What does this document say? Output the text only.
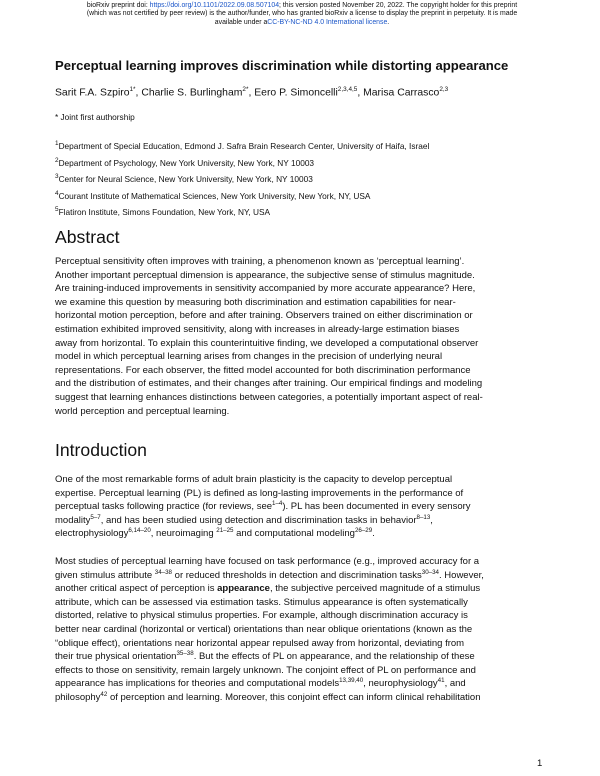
bioRxiv preprint doi: https://doi.org/10.1101/2022.09.08.507104; this version posted November 20, 2022. The copyright holder for this preprint
(which was not certified by peer review) is the author/funder, who has granted bioRxiv a license to display the preprint in perpetuity. It is made
available under aCC-BY-NC-ND 4.0 International license.
Perceptual learning improves discrimination while distorting appearance
Sarit F.A. Szpiro$^{1*}$, Charlie S. Burlingham$^{2*}$, Eero P. Simoncelli$^{2,3,4,5}$, Marisa Carrasco$^{2,3}$
* Joint first authorship
$^1$Department of Special Education, Edmond J. Safra Brain Research Center, University of Haifa, Israel
$^2$Department of Psychology, New York University, New York, NY 10003
$^3$Center for Neural Science, New York University, New York, NY 10003
$^4$Courant Institute of Mathematical Sciences, New York University, New York, NY, USA
$^5$Flatiron Institute, Simons Foundation, New York, NY, USA
Abstract
Perceptual sensitivity often improves with training, a phenomenon known as ‘perceptual learning’.
Another important perceptual dimension is appearance, the subjective sense of stimulus magnitude.
Are training-induced improvements in sensitivity accompanied by more accurate appearance? Here,
we examine this question by measuring both discrimination and estimation capabilities for near-
horizontal motion perception, before and after training. Observers trained on either discrimination or
estimation exhibited improved sensitivity, along with increases in already-large estimation biases
away from horizontal. To explain this counterintuitive finding, we developed a computational observer
model in which perceptual learning arises from changes in the precision of underlying neural
representations. For each observer, the fitted model accounted for both discrimination performance
and the distribution of estimates, and their changes after training. Our empirical findings and modeling
suggest that learning enhances distinctions between categories, a potentially important aspect of real-
world perception and perceptual learning.
Introduction
One of the most remarkable forms of adult brain plasticity is the capacity to develop perceptual
expertise. Perceptual learning (PL) is defined as long-lasting improvements in the performance of
perceptual tasks following practice (for reviews, see$^{1-4}$). PL has been documented in every sensory
modality$^{5-7}$, and has been studied using detection and discrimination tasks in behavior$^{8-13}$,
electrophysiology$^{6,14-20}$, neuroimaging $^{21-25}$ and computational modeling$^{26-29}$.
Most studies of perceptual learning have focused on task performance (e.g., improved accuracy for a
given stimulus attribute $^{34-38}$ or reduced thresholds in detection and discrimination tasks$^{30-34}$. However,
another critical aspect of perception is appearance, the subjective perceived magnitude of a stimulus
attribute, which can be assessed via estimation tasks. Stimulus appearance is often systematically
distorted, relative to physical stimulus properties. For example, although discrimination accuracy is
better near cardinal (horizontal or vertical) orientations than near oblique orientations (known as the
“oblique effect), orientations near horizontal appear repulsed away from horizontal, deviating from
their true physical orientation$^{35-38}$. But the effects of PL on appearance, and the relationship of these
effects to those on sensitivity, remain largely unknown. The conjoint effect of PL on performance and
appearance has implications for theories and computational models$^{13,39,40}$, neurophysiology$^{41}$, and
philosophy$^{42}$ of perception and learning. Moreover, this conjoint effect can inform clinical rehabilitation
1
